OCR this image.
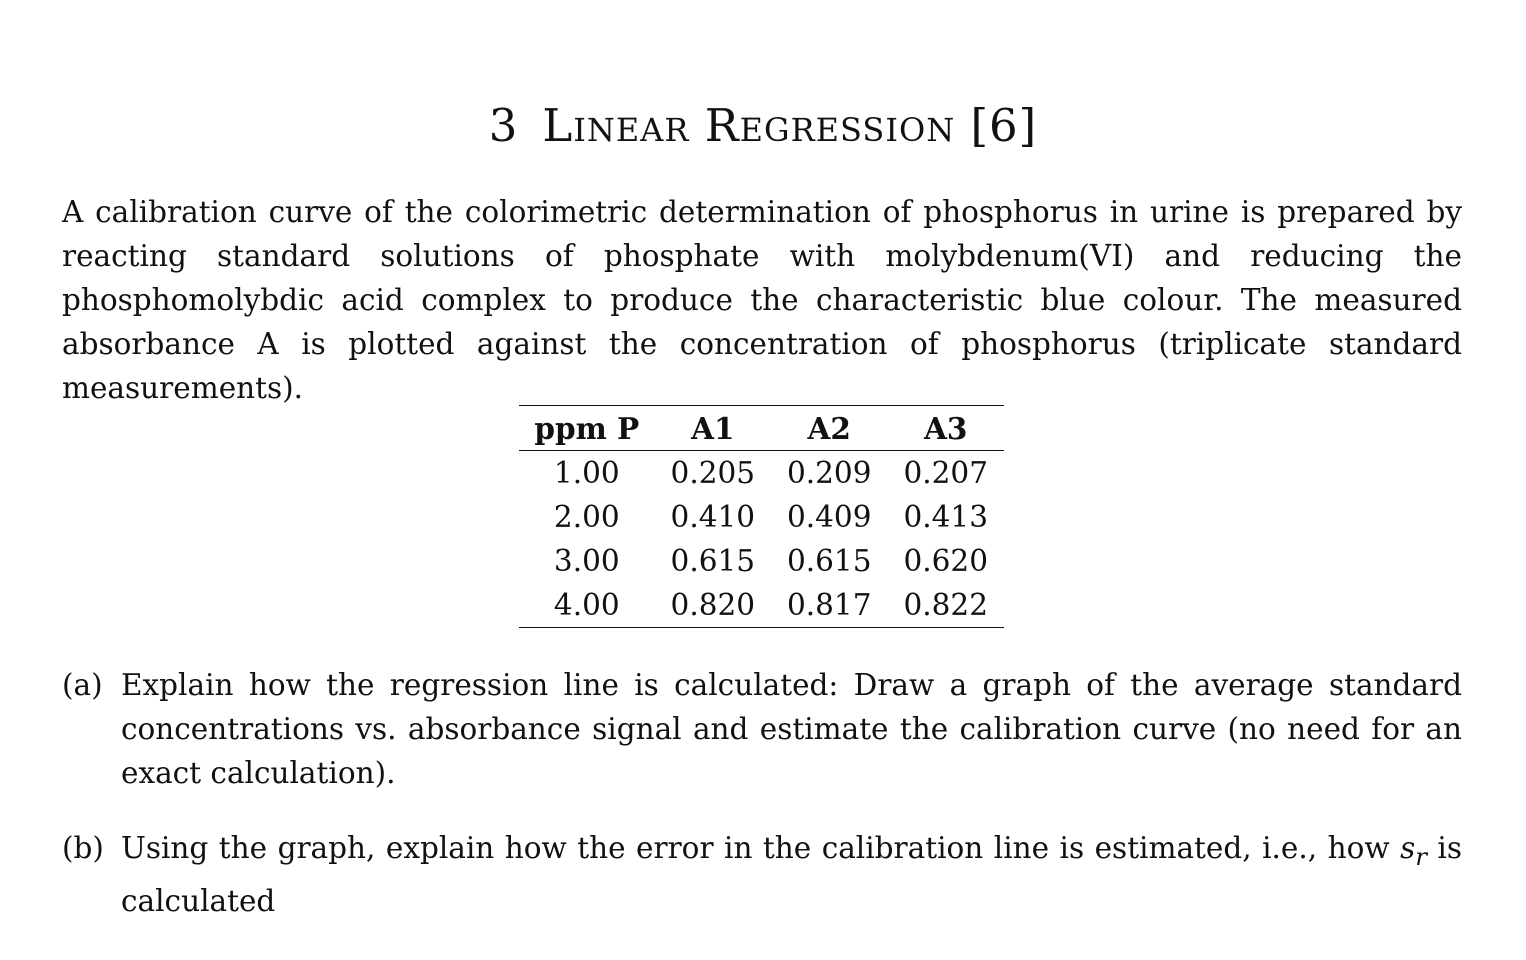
3 Linear Regression [6]

A calibration curve of the colorimetric determination of phosphorus in urine is prepared by reacting standard solutions of phosphate with molybdenum(VI) and reducing the phosphomolybdic acid complex to produce the characteristic blue colour. The measured absorbance A is plotted against the concentration of phosphorus (triplicate standard measurements).

ppm P	A1	A2	A3
1.00	0.205	0.209	0.207
2.00	0.410	0.409	0.413
3.00	0.615	0.615	0.620
4.00	0.820	0.817	0.822
(a) Explain how the regression line is calculated: Draw a graph of the average standard concentrations vs. absorbance signal and estimate the calibration curve (no need for an exact calculation).
(b) Using the graph, explain how the error in the calibration line is estimated, i.e., how $s_r$ is calculated
